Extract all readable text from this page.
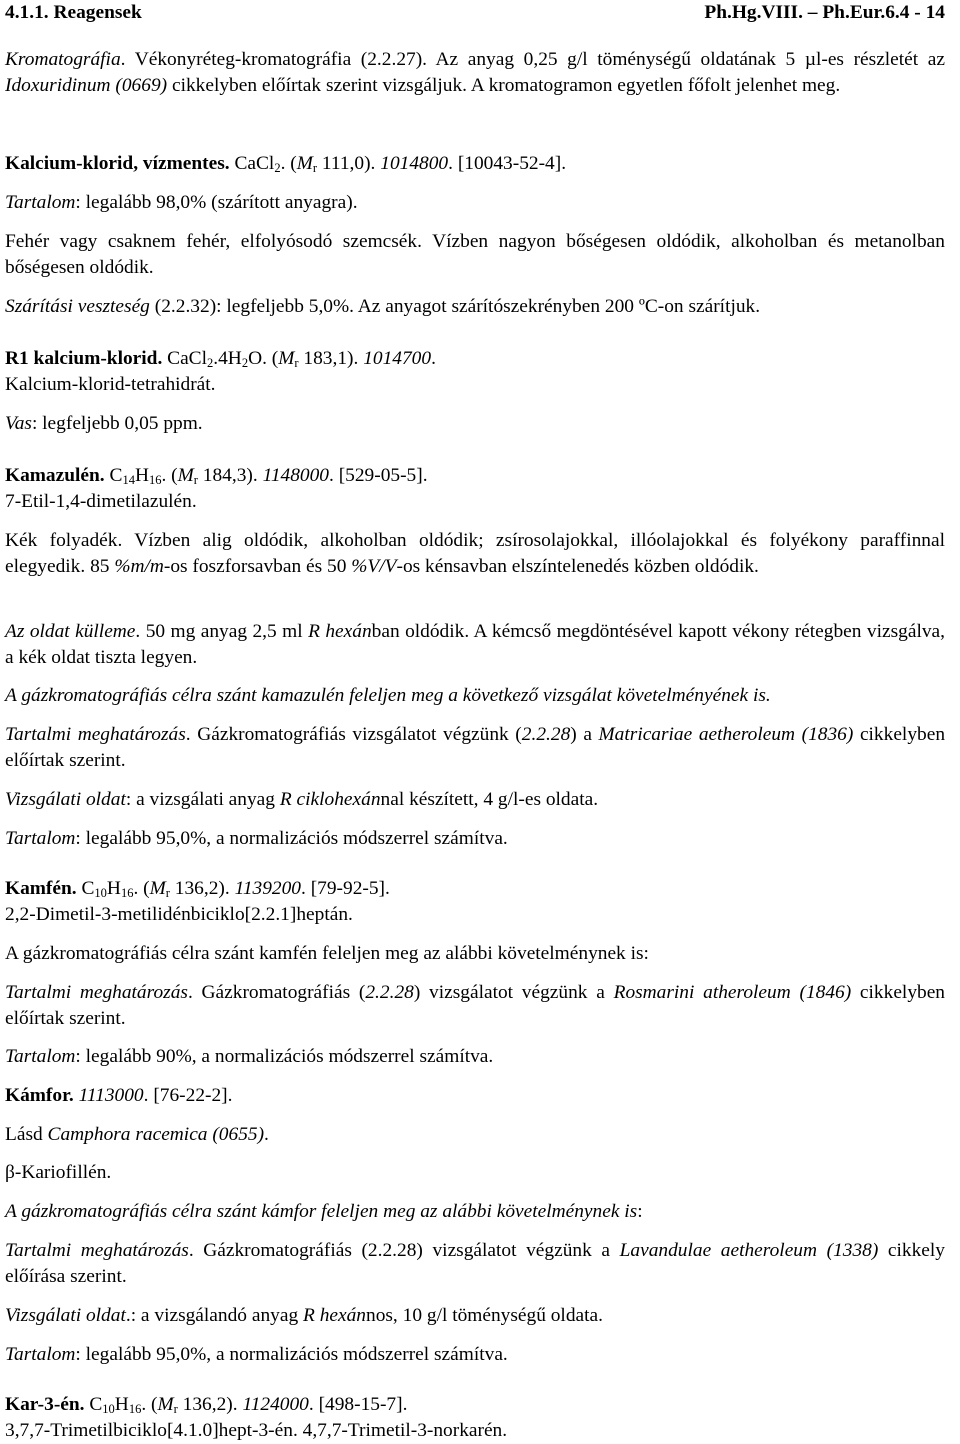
4.1.1. Reagensek	Ph.Hg.VIII. – Ph.Eur.6.4 - 14

Kromatográfia. Vékonyréteg-kromatográfia (2.2.27). Az anyag 0,25 g/l töménységű oldatának 5 µl-es részletét az Idoxuridinum (0669) cikkelyben előírtak szerint vizsgáljuk. A kromatogramon egyetlen főfolt jelenhet meg.

Kalcium-klorid, vízmentes. CaCl$_2$. ($M_r$ 111,0). 1014800. [10043-52-4].

Tartalom: legalább 98,0% (szárított anyagra).

Fehér vagy csaknem fehér, elfolyósodó szemcsék. Vízben nagyon bőségesen oldódik, alkoholban és metanolban bőségesen oldódik.

Szárítási veszteség (2.2.32): legfeljebb 5,0%. Az anyagot szárítószekrényben 200 ºC-on szárítjuk.

R1 kalcium-klorid. $CaCl_2.4H_2O$. ($M_r$ 183,1). 1014700.

Kalcium-klorid-tetrahidrát.

Vas: legfeljebb 0,05 ppm.

Kamazulén. $C_{14}H_{16}$. ($M_r$ 184,3). 1148000. [529-05-5].

7-Etil-1,4-dimetilazulén.

Kék folyadék. Vízben alig oldódik, alkoholban oldódik; zsírosolajokkal, illóolajokkal és folyékony paraffinnal elegyedik. 85 %m/m-os foszforsavban és 50 %V/V-os kénsavban elszíntelenedés közben oldódik.

Az oldat külleme. 50 mg anyag 2,5 ml R hexánban oldódik. A kémcső megdöntésével kapott vékony rétegben vizsgálva, a kék oldat tiszta legyen.

A gázkromatográfiás célra szánt kamazulén feleljen meg a következő vizsgálat követelményének is.

Tartalmi meghatározás. Gázkromatográfiás vizsgálatot végzünk (2.2.28) a Matricariae aetheroleum (1836) cikkelyben előírtak szerint.

Vizsgálati oldat: a vizsgálati anyag R ciklohexánnal készített, 4 g/l-es oldata.

Tartalom: legalább 95,0%, a normalizációs módszerrel számítva.

Kamfén. $C_{10}H_{16}$. ($M_r$ 136,2). 1139200. [79-92-5].

2,2-Dimetil-3-metilidénbiciklo[2.2.1]heptán.

A gázkromatográfiás célra szánt kamfén feleljen meg az alábbi követelménynek is:

Tartalmi meghatározás. Gázkromatográfiás (2.2.28) vizsgálatot végzünk a Rosmarini atheroleum (1846) cikkelyben előírtak szerint.

Tartalom: legalább 90%, a normalizációs módszerrel számítva.

Kámfor. 1113000. [76-22-2].

Lásd Camphora racemica (0655).

β-Kariofillén.

A gázkromatográfiás célra szánt kámfor feleljen meg az alábbi követelménynek is:

Tartalmi meghatározás. Gázkromatográfiás (2.2.28) vizsgálatot végzünk a Lavandulae aetheroleum (1338) cikkely előírása szerint.

Vizsgálati oldat.: a vizsgálandó anyag R hexánnos, 10 g/l töménységű oldata.

Tartalom: legalább 95,0%, a normalizációs módszerrel számítva.

Kar-3-én. $C_{10}H_{16}$. ($M_r$ 136,2). 1124000. [498-15-7].

3,7,7-Trimetilbiciklo[4.1.0]hept-3-én. 4,7,7-Trimetil-3-norkarén.
